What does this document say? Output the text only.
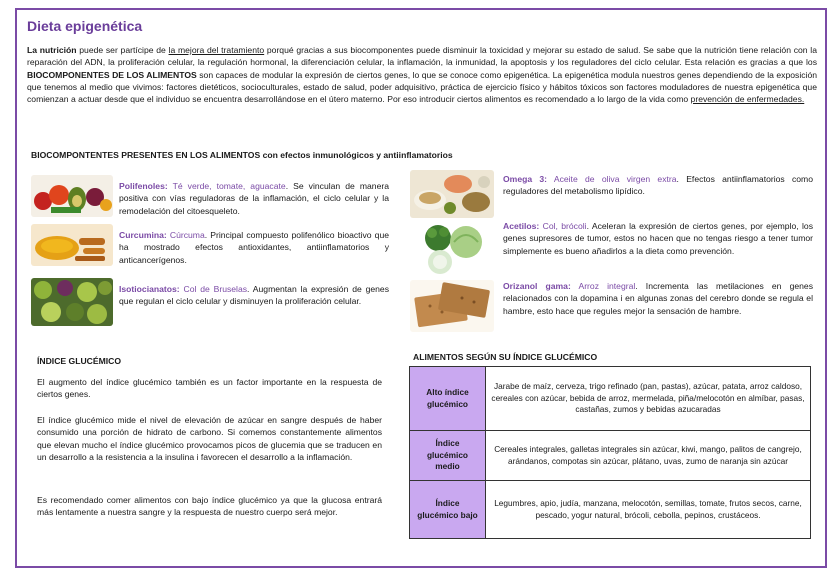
Dieta epigenética

La nutrición puede ser partícipe de la mejora del tratamiento porqué gracias a sus biocomponentes puede disminuir la toxicidad y mejorar su estado de salud. Se sabe que la nutrición tiene relación con la reparación del ADN, la proliferación celular, la regulación hormonal, la diferenciación celular, la inflamación, la inmunidad, la apoptosis y los reguladores del ciclo celular. Esta relación es gracias a que los BIOCOMPONENTES DE LOS ALIMENTOS son capaces de modular la expresión de ciertos genes, lo que se conoce como epigenética. La epigenética modula nuestros genes dependiendo de la exposición que tenemos al medio que vivimos: factores dietéticos, socioculturales, estado de salud, poder adquisitivo, práctica de ejercicio físico y hábitos tóxicos son factores moduladores de nuestra epigenética que comienzan a actuar desde que el individuo se encuentra desarrollándose en el útero materno. Por eso introducir ciertos alimentos es recomendado a lo largo de la vida como prevención de enfermedades.

BIOCOMPONTENTES PRESENTES EN LOS ALIMENTOS con efectos inmunológicos y antiinflamatorios
Polifenoles: Té verde, tomate, aguacate. Se vinculan de manera positiva con vías reguladoras de la inflamación, el ciclo celular y la remodelación del citoesqueleto.
Curcumina: Cúrcuma. Principal compuesto polifenólico bioactivo que ha mostrado efectos antioxidantes, antiinflamatorios y anticancerígenos.
Isotiocianatos: Col de Bruselas. Augmentan la expresión de genes que regulan el ciclo celular y disminuyen la proliferación celular.
Omega 3: Aceite de oliva virgen extra. Efectos antiinflamatorios como reguladores del metabolismo lipídico.
Acetilos: Col, brócoli. Aceleran la expresión de ciertos genes, por ejemplo, los genes supresores de tumor, estos no hacen que no tengas riesgo a tener tumor simplemente es bueno añadirlos a la dieta como prevención.
Orizanol gama: Arroz integral. Incrementa las metilaciones en genes relacionados con la dopamina i en algunas zonas del cerebro donde se regula el hambre, esto hace que regules mejor la sensación de hambre.
ÍNDICE GLUCÉMICO

El augmento del índice glucémico también es un factor importante en la respuesta de ciertos genes.

El índice glucémico mide el nivel de elevación de azúcar en sangre después de haber consumido una porción de hidrato de carbono. Si comemos constantemente alimentos que elevan mucho el índice glucémico provocamos picos de glucemia que se traducen en un desarrollo a la resistencia a la insulina i favorecen el desarrollo a la inflamación.

Es recomendado comer alimentos con bajo índice glucémico ya que la glucosa entrará más lentamente a nuestra sangre y la respuesta de nuestro cuerpo será mejor.

ALIMENTOS SEGÚN SU ÍNDICE GLUCÉMICO
Alto índice glucémico	Jarabe de maíz, cerveza, trigo refinado (pan, pastas), azúcar, patata, arroz caldoso, cereales con azúcar, bebida de arroz, mermelada, piña/melocotón en almíbar, pasas, castañas, zumos y bebidas azucaradas
Índice glucémico medio	Cereales integrales, galletas integrales sin azúcar, kiwi, mango, palitos de cangrejo, arándanos, compotas sin azúcar, plátano, uvas, zumo de naranja sin azúcar
Índice glucémico bajo	Legumbres, apio, judía, manzana, melocotón, semillas, tomate, frutos secos, carne, pescado, yogur natural, brócoli, cebolla, pepinos, crustáceos.
